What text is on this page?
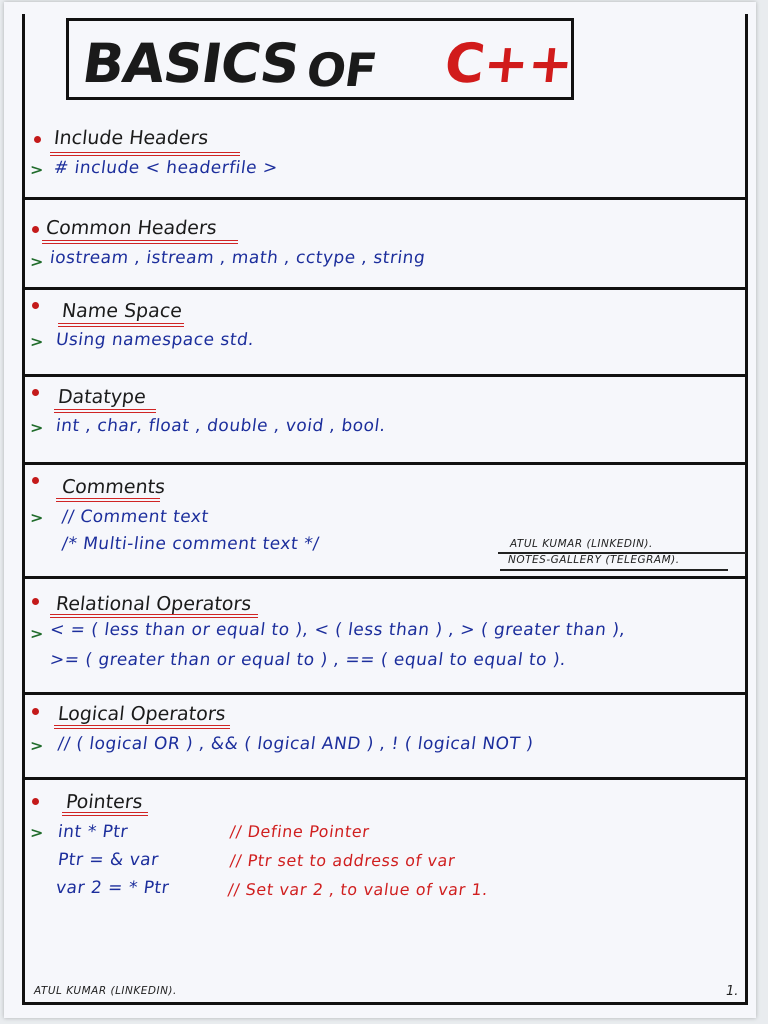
BASICS OF C++
Include Headers
> # include < headerfile >
Common Headers
> iostream , istream , math , cctype , string
Name Space
> Using namespace std.
Datatype
> int , char, float , double , void , bool.
Comments
> // Comment text
/* Multi-line comment text */	ATUL KUMAR (LINKEDIN).
NOTES-GALLERY (TELEGRAM).
Relational Operators
> < = ( less than or equal to ), < ( less than ) , > ( greater than ),
>= ( greater than or equal to ) , == ( equal to equal to ).
Logical Operators
> // ( logical OR ) , && ( logical AND ) , ! ( logical NOT )
Pointers
> int * Ptr
Ptr = & var
var 2 = * Ptr
// Define Pointer
// Ptr set to address of var
// Set var 2 , to value of var 1.
ATUL KUMAR (LINKEDIN).	1.
